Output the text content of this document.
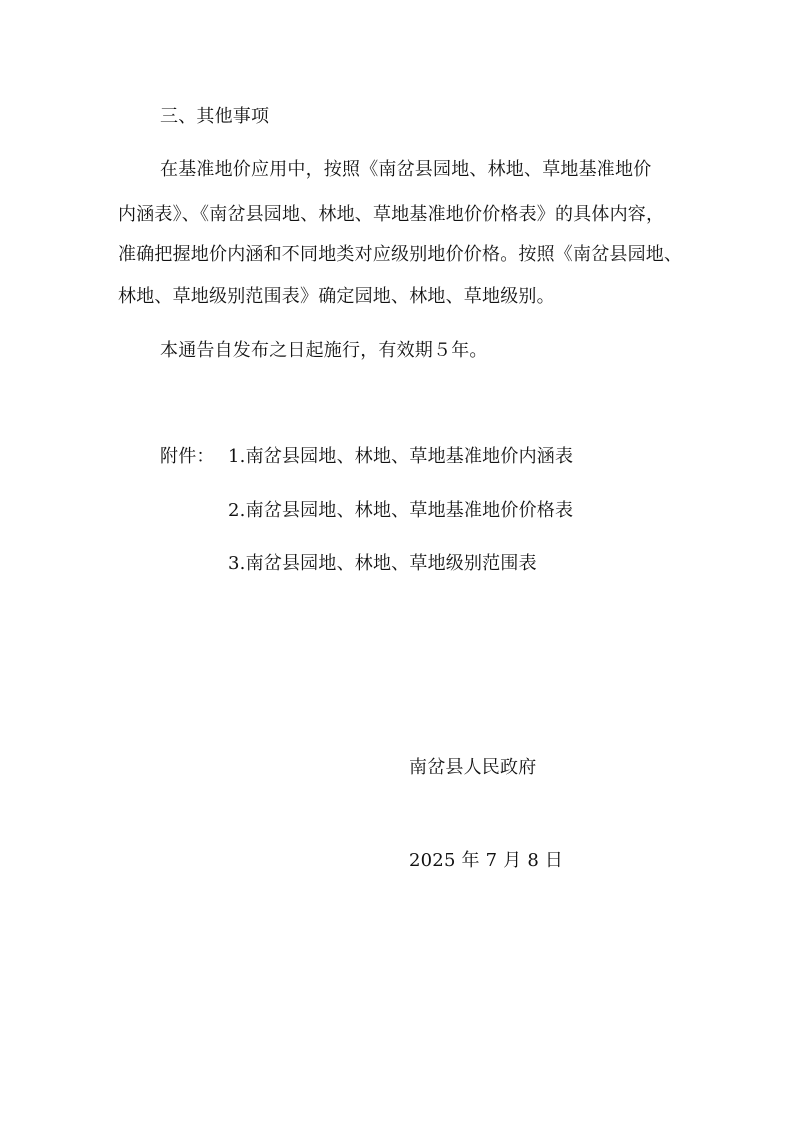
三、其他事项
在基准地价应用中，按照《南岔县园地、林地、草地基准地价
内涵表》、《南岔县园地、林地、草地基准地价价格表》的具体内容，
准确把握地价内涵和不同地类对应级别地价价格。按照《南岔县园地、
林地、草地级别范围表》确定园地、林地、草地级别。
本通告自发布之日起施行，有效期５年。
附件： 1.南岔县园地、林地、草地基准地价内涵表
2.南岔县园地、林地、草地基准地价价格表
3.南岔县园地、林地、草地级别范围表
南岔县人民政府
2025 年 7 月 8 日
